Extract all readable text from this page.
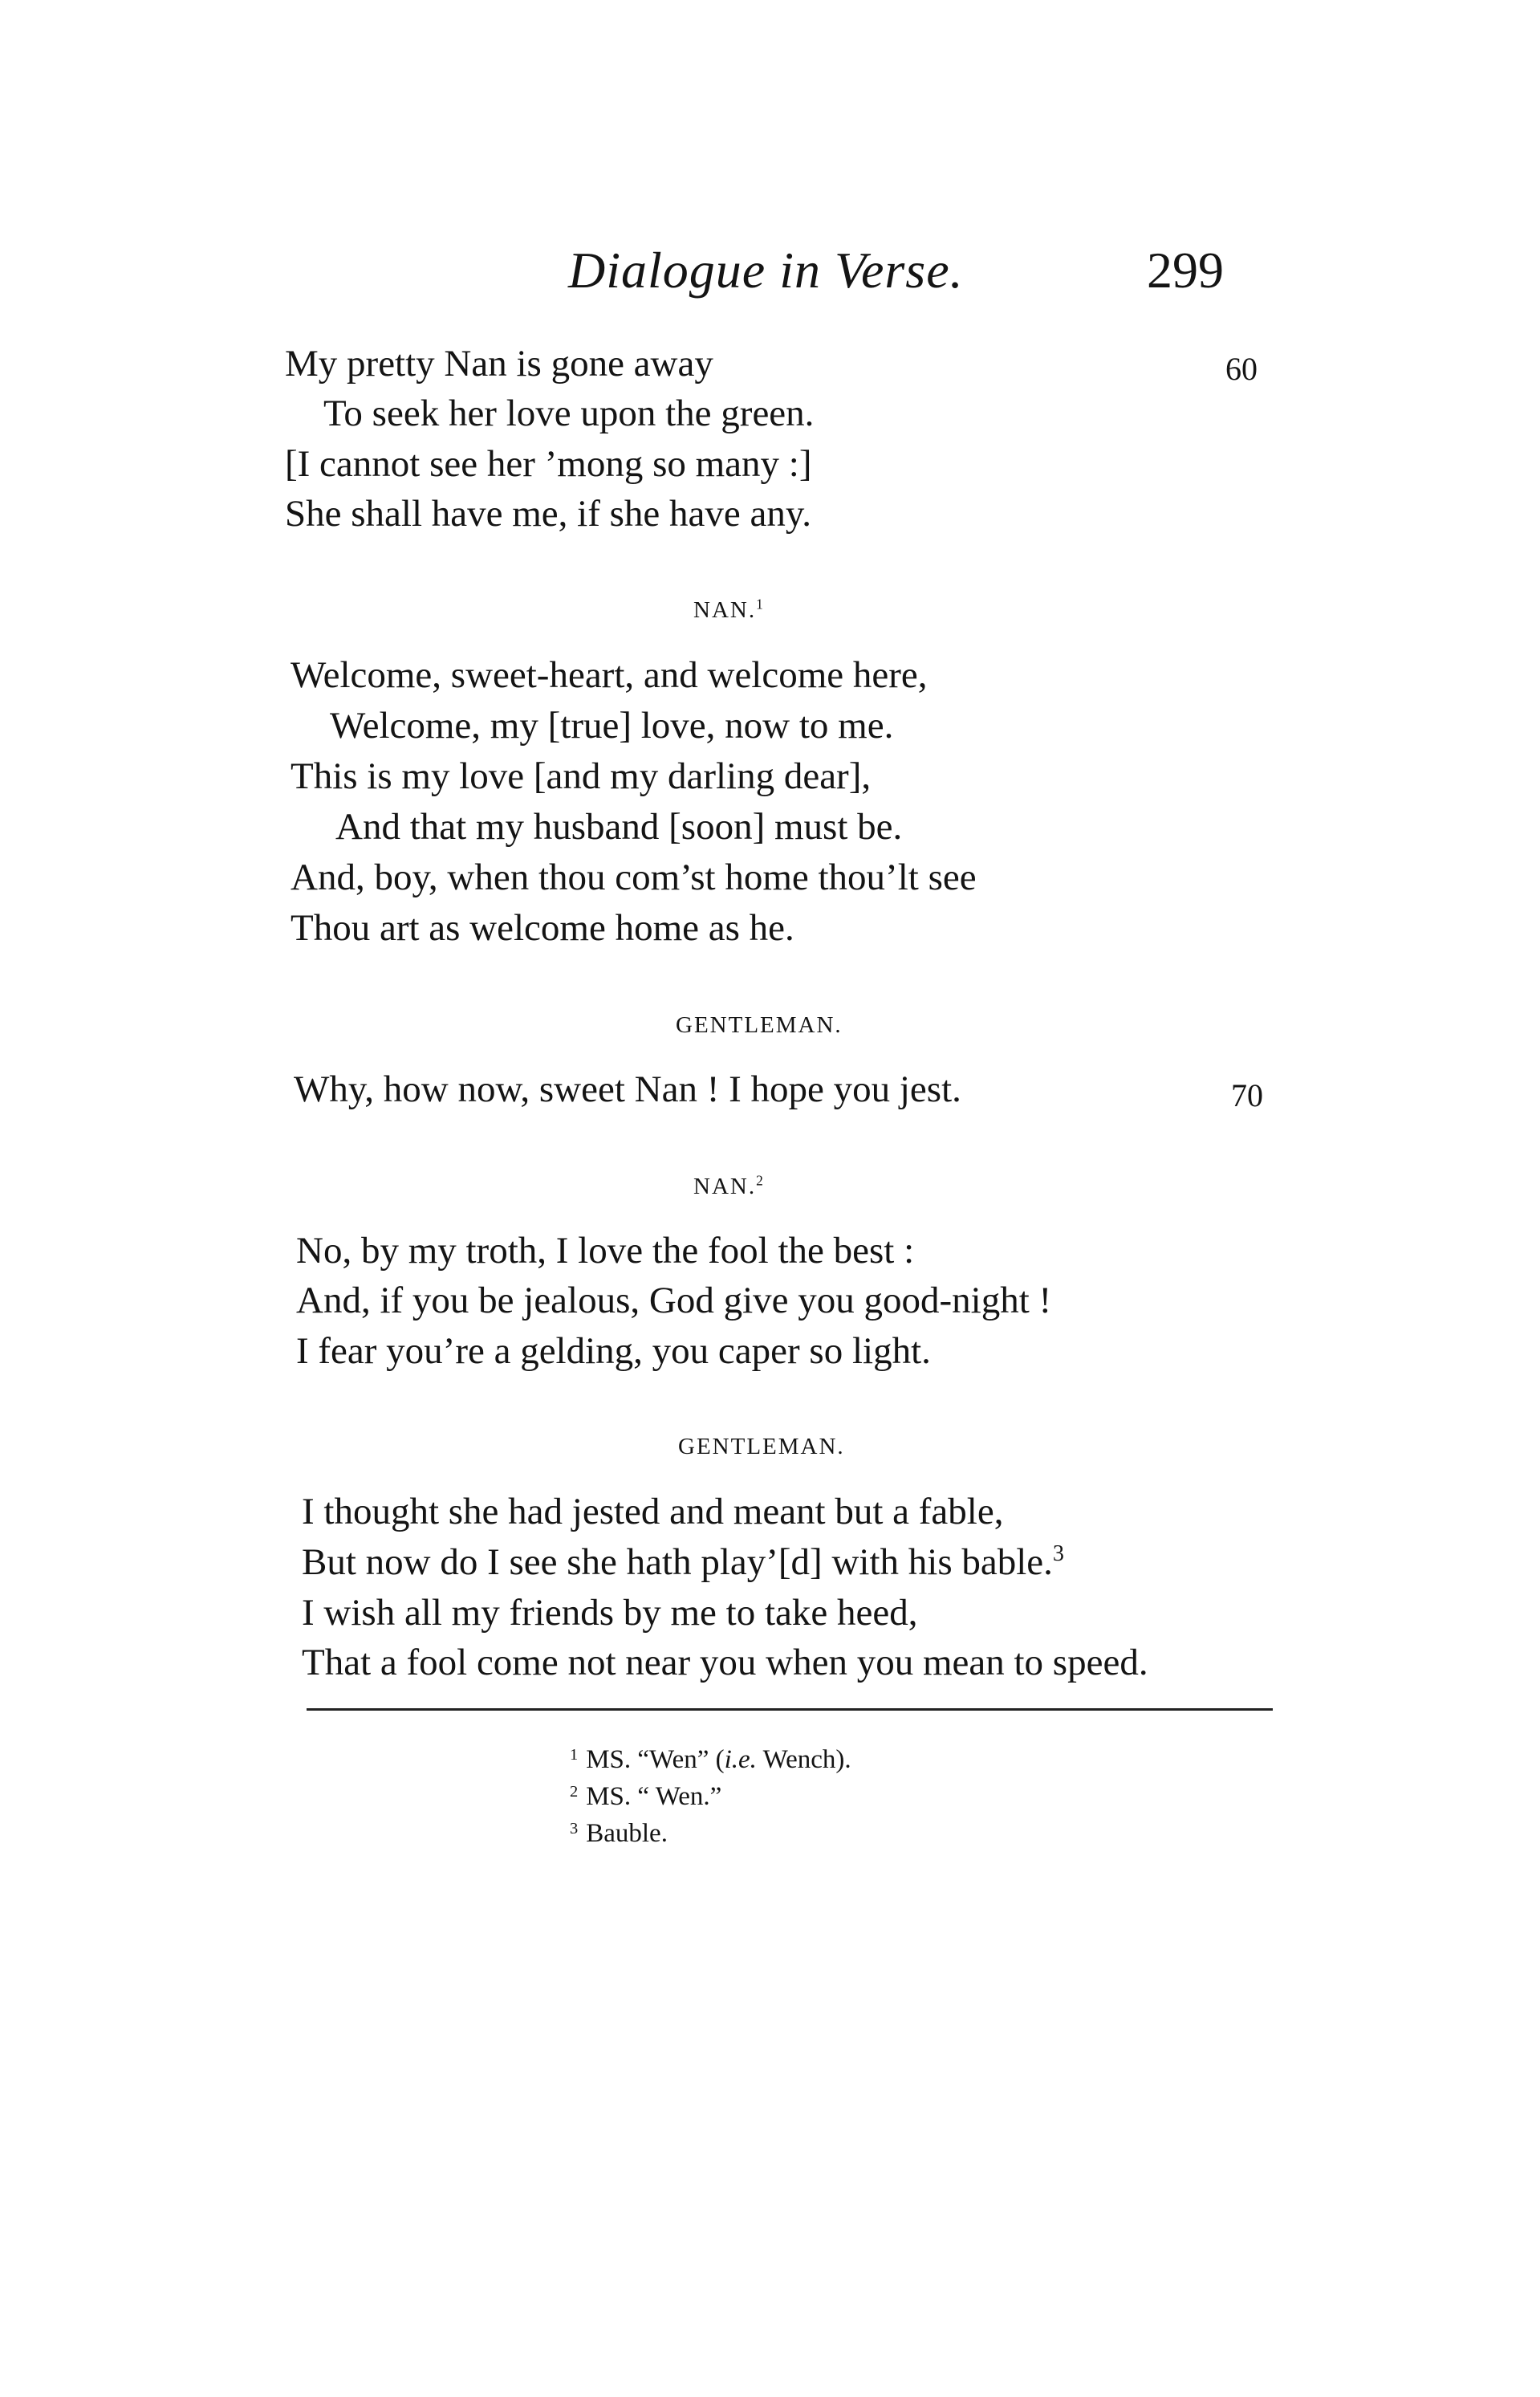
Dialogue in Verse.	299
My pretty Nan is gone away	60
To seek her love upon the green.
[I cannot see her ’mong so many :]
She shall have me, if she have any.
NAN.$^1$
Welcome, sweet-heart, and welcome here,
Welcome, my [true] love, now to me.
This is my love [and my darling dear],
And that my husband [soon] must be.
And, boy, when thou com’st home thou’lt see
Thou art as welcome home as he.
GENTLEMAN.
Why, how now, sweet Nan ! I hope you jest.	70
NAN.$^2$
No, by my troth, I love the fool the best :
And, if you be jealous, God give you good-night !
I fear you’re a gelding, you caper so light.
GENTLEMAN.
I thought she had jested and meant but a fable,
But now do I see she hath play’[d] with his bable.$^3$
I wish all my friends by me to take heed,
That a fool come not near you when you mean to speed.
$^1$ MS. “Wen” (i.e. Wench).
$^2$ MS. “ Wen.”
$^3$ Bauble.
